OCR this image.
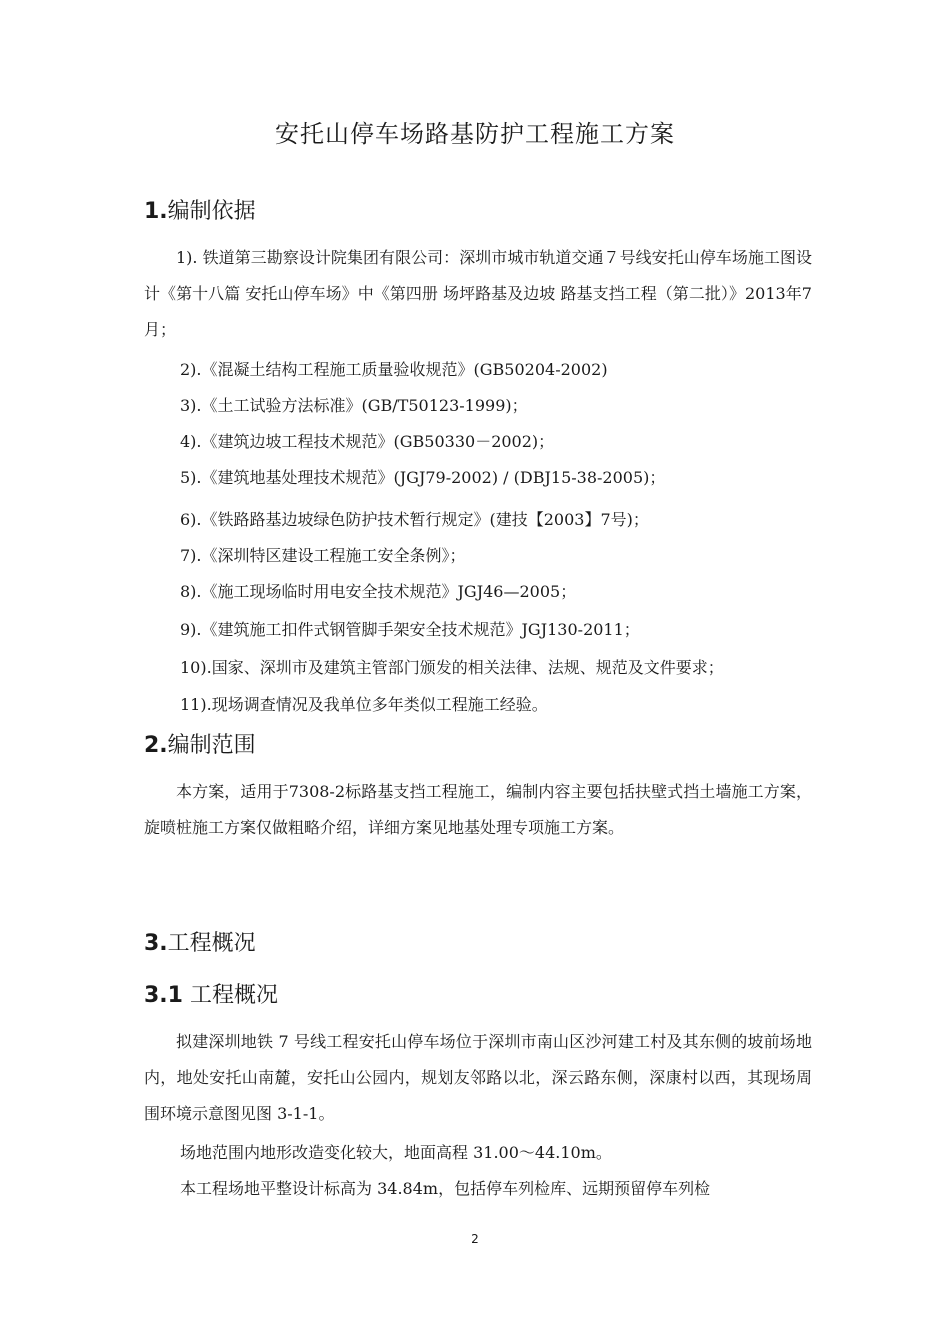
安托山停车场路基防护工程施工方案
1.编制依据

1). 铁道第三勘察设计院集团有限公司：深圳市城市轨道交通７号线安托山停车场施工图设计《第十八篇 安托山停车场》中《第四册 场坪路基及边坡 路基支挡工程（第二批）》2013年7月；

2).《混凝土结构工程施工质量验收规范》(GB50204-2002)
3).《土工试验方法标准》(GB/T50123-1999)；
4).《建筑边坡工程技术规范》(GB50330－2002)；
5).《建筑地基处理技术规范》(JGJ79-2002) / (DBJ15-38-2005)；
6).《铁路路基边坡绿色防护技术暂行规定》(建技【2003】7号)；
7).《深圳特区建设工程施工安全条例》；
8).《施工现场临时用电安全技术规范》JGJ46—2005；
9).《建筑施工扣件式钢管脚手架安全技术规范》JGJ130-2011；
10).国家、深圳市及建筑主管部门颁发的相关法律、法规、规范及文件要求；
11).现场调查情况及我单位多年类似工程施工经验。
2.编制范围

本方案，适用于7308-2标路基支挡工程施工，编制内容主要包括扶壁式挡土墙施工方案，旋喷桩施工方案仅做粗略介绍，详细方案见地基处理专项施工方案。

3.工程概况
3.1 工程概况

拟建深圳地铁 7 号线工程安托山停车场位于深圳市南山区沙河建工村及其东侧的坡前场地内，地处安托山南麓，安托山公园内，规划友邻路以北，深云路东侧，深康村以西，其现场周围环境示意图见图 3-1-1。

场地范围内地形改造变化较大，地面高程 31.00～44.10m。
本工程场地平整设计标高为 34.84m，包括停车列检库、远期预留停车列检
2
